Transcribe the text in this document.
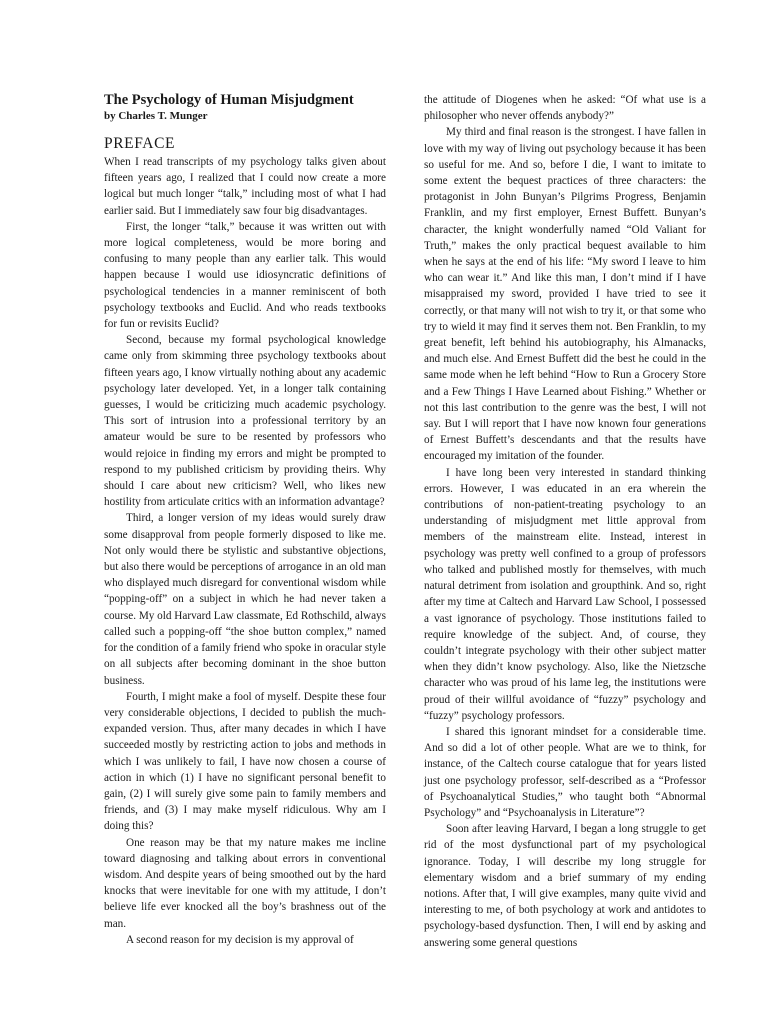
The Psychology of Human Misjudgment
by Charles T. Munger
PREFACE

When I read transcripts of my psychology talks given about fifteen years ago, I realized that I could now create a more logical but much longer “talk,” including most of what I had earlier said. But I immediately saw four big disadvantages.

First, the longer “talk,” because it was written out with more logical completeness, would be more boring and confusing to many people than any earlier talk. This would happen because I would use idiosyncratic definitions of psychological tendencies in a manner reminiscent of both psychology textbooks and Euclid. And who reads textbooks for fun or revisits Euclid?

Second, because my formal psychological knowledge came only from skimming three psychology textbooks about fifteen years ago, I know virtually nothing about any academic psychology later developed. Yet, in a longer talk containing guesses, I would be criticizing much academic psychology. This sort of intrusion into a professional territory by an amateur would be sure to be resented by professors who would rejoice in finding my errors and might be prompted to respond to my published criticism by providing theirs. Why should I care about new criticism? Well, who likes new hostility from articulate critics with an information advantage?

Third, a longer version of my ideas would surely draw some disapproval from people formerly disposed to like me. Not only would there be stylistic and substantive objections, but also there would be perceptions of arrogance in an old man who displayed much disregard for conventional wisdom while “popping-off” on a subject in which he had never taken a course. My old Harvard Law classmate, Ed Rothschild, always called such a popping-off “the shoe button complex,” named for the condition of a family friend who spoke in oracular style on all subjects after becoming dominant in the shoe button business.

Fourth, I might make a fool of myself. Despite these four very considerable objections, I decided to publish the much-expanded version. Thus, after many decades in which I have succeeded mostly by restricting action to jobs and methods in which I was unlikely to fail, I have now chosen a course of action in which (1) I have no significant personal benefit to gain, (2) I will surely give some pain to family members and friends, and (3) I may make myself ridiculous. Why am I doing this?

One reason may be that my nature makes me incline toward diagnosing and talking about errors in conventional wisdom. And despite years of being smoothed out by the hard knocks that were inevitable for one with my attitude, I don’t believe life ever knocked all the boy’s brashness out of the man.

A second reason for my decision is my approval of

the attitude of Diogenes when he asked: “Of what use is a philosopher who never offends anybody?”

My third and final reason is the strongest. I have fallen in love with my way of living out psychology because it has been so useful for me. And so, before I die, I want to imitate to some extent the bequest practices of three characters: the protagonist in John Bunyan’s Pilgrims Progress, Benjamin Franklin, and my first employer, Ernest Buffett. Bunyan’s character, the knight wonderfully named “Old Valiant for Truth,” makes the only practical bequest available to him when he says at the end of his life: “My sword I leave to him who can wear it.” And like this man, I don’t mind if I have misappraised my sword, provided I have tried to see it correctly, or that many will not wish to try it, or that some who try to wield it may find it serves them not. Ben Franklin, to my great benefit, left behind his autobiography, his Almanacks, and much else. And Ernest Buffett did the best he could in the same mode when he left behind “How to Run a Grocery Store and a Few Things I Have Learned about Fishing.” Whether or not this last contribution to the genre was the best, I will not say. But I will report that I have now known four generations of Ernest Buffett’s descendants and that the results have encouraged my imitation of the founder.

I have long been very interested in standard thinking errors. However, I was educated in an era wherein the contributions of non-patient-treating psychology to an understanding of misjudgment met little approval from members of the mainstream elite. Instead, interest in psychology was pretty well confined to a group of professors who talked and published mostly for themselves, with much natural detriment from isolation and groupthink. And so, right after my time at Caltech and Harvard Law School, I possessed a vast ignorance of psychology. Those institutions failed to require knowledge of the subject. And, of course, they couldn’t integrate psychology with their other subject matter when they didn’t know psychology. Also, like the Nietzsche character who was proud of his lame leg, the institutions were proud of their willful avoidance of “fuzzy” psychology and “fuzzy” psychology professors.

I shared this ignorant mindset for a considerable time. And so did a lot of other people. What are we to think, for instance, of the Caltech course catalogue that for years listed just one psychology professor, self-described as a “Professor of Psychoanalytical Studies,” who taught both “Abnormal Psychology” and “Psychoanalysis in Literature”?

Soon after leaving Harvard, I began a long struggle to get rid of the most dysfunctional part of my psychological ignorance. Today, I will describe my long struggle for elementary wisdom and a brief summary of my ending notions. After that, I will give examples, many quite vivid and interesting to me, of both psychology at work and antidotes to psychology-based dysfunction. Then, I will end by asking and answering some general questions
